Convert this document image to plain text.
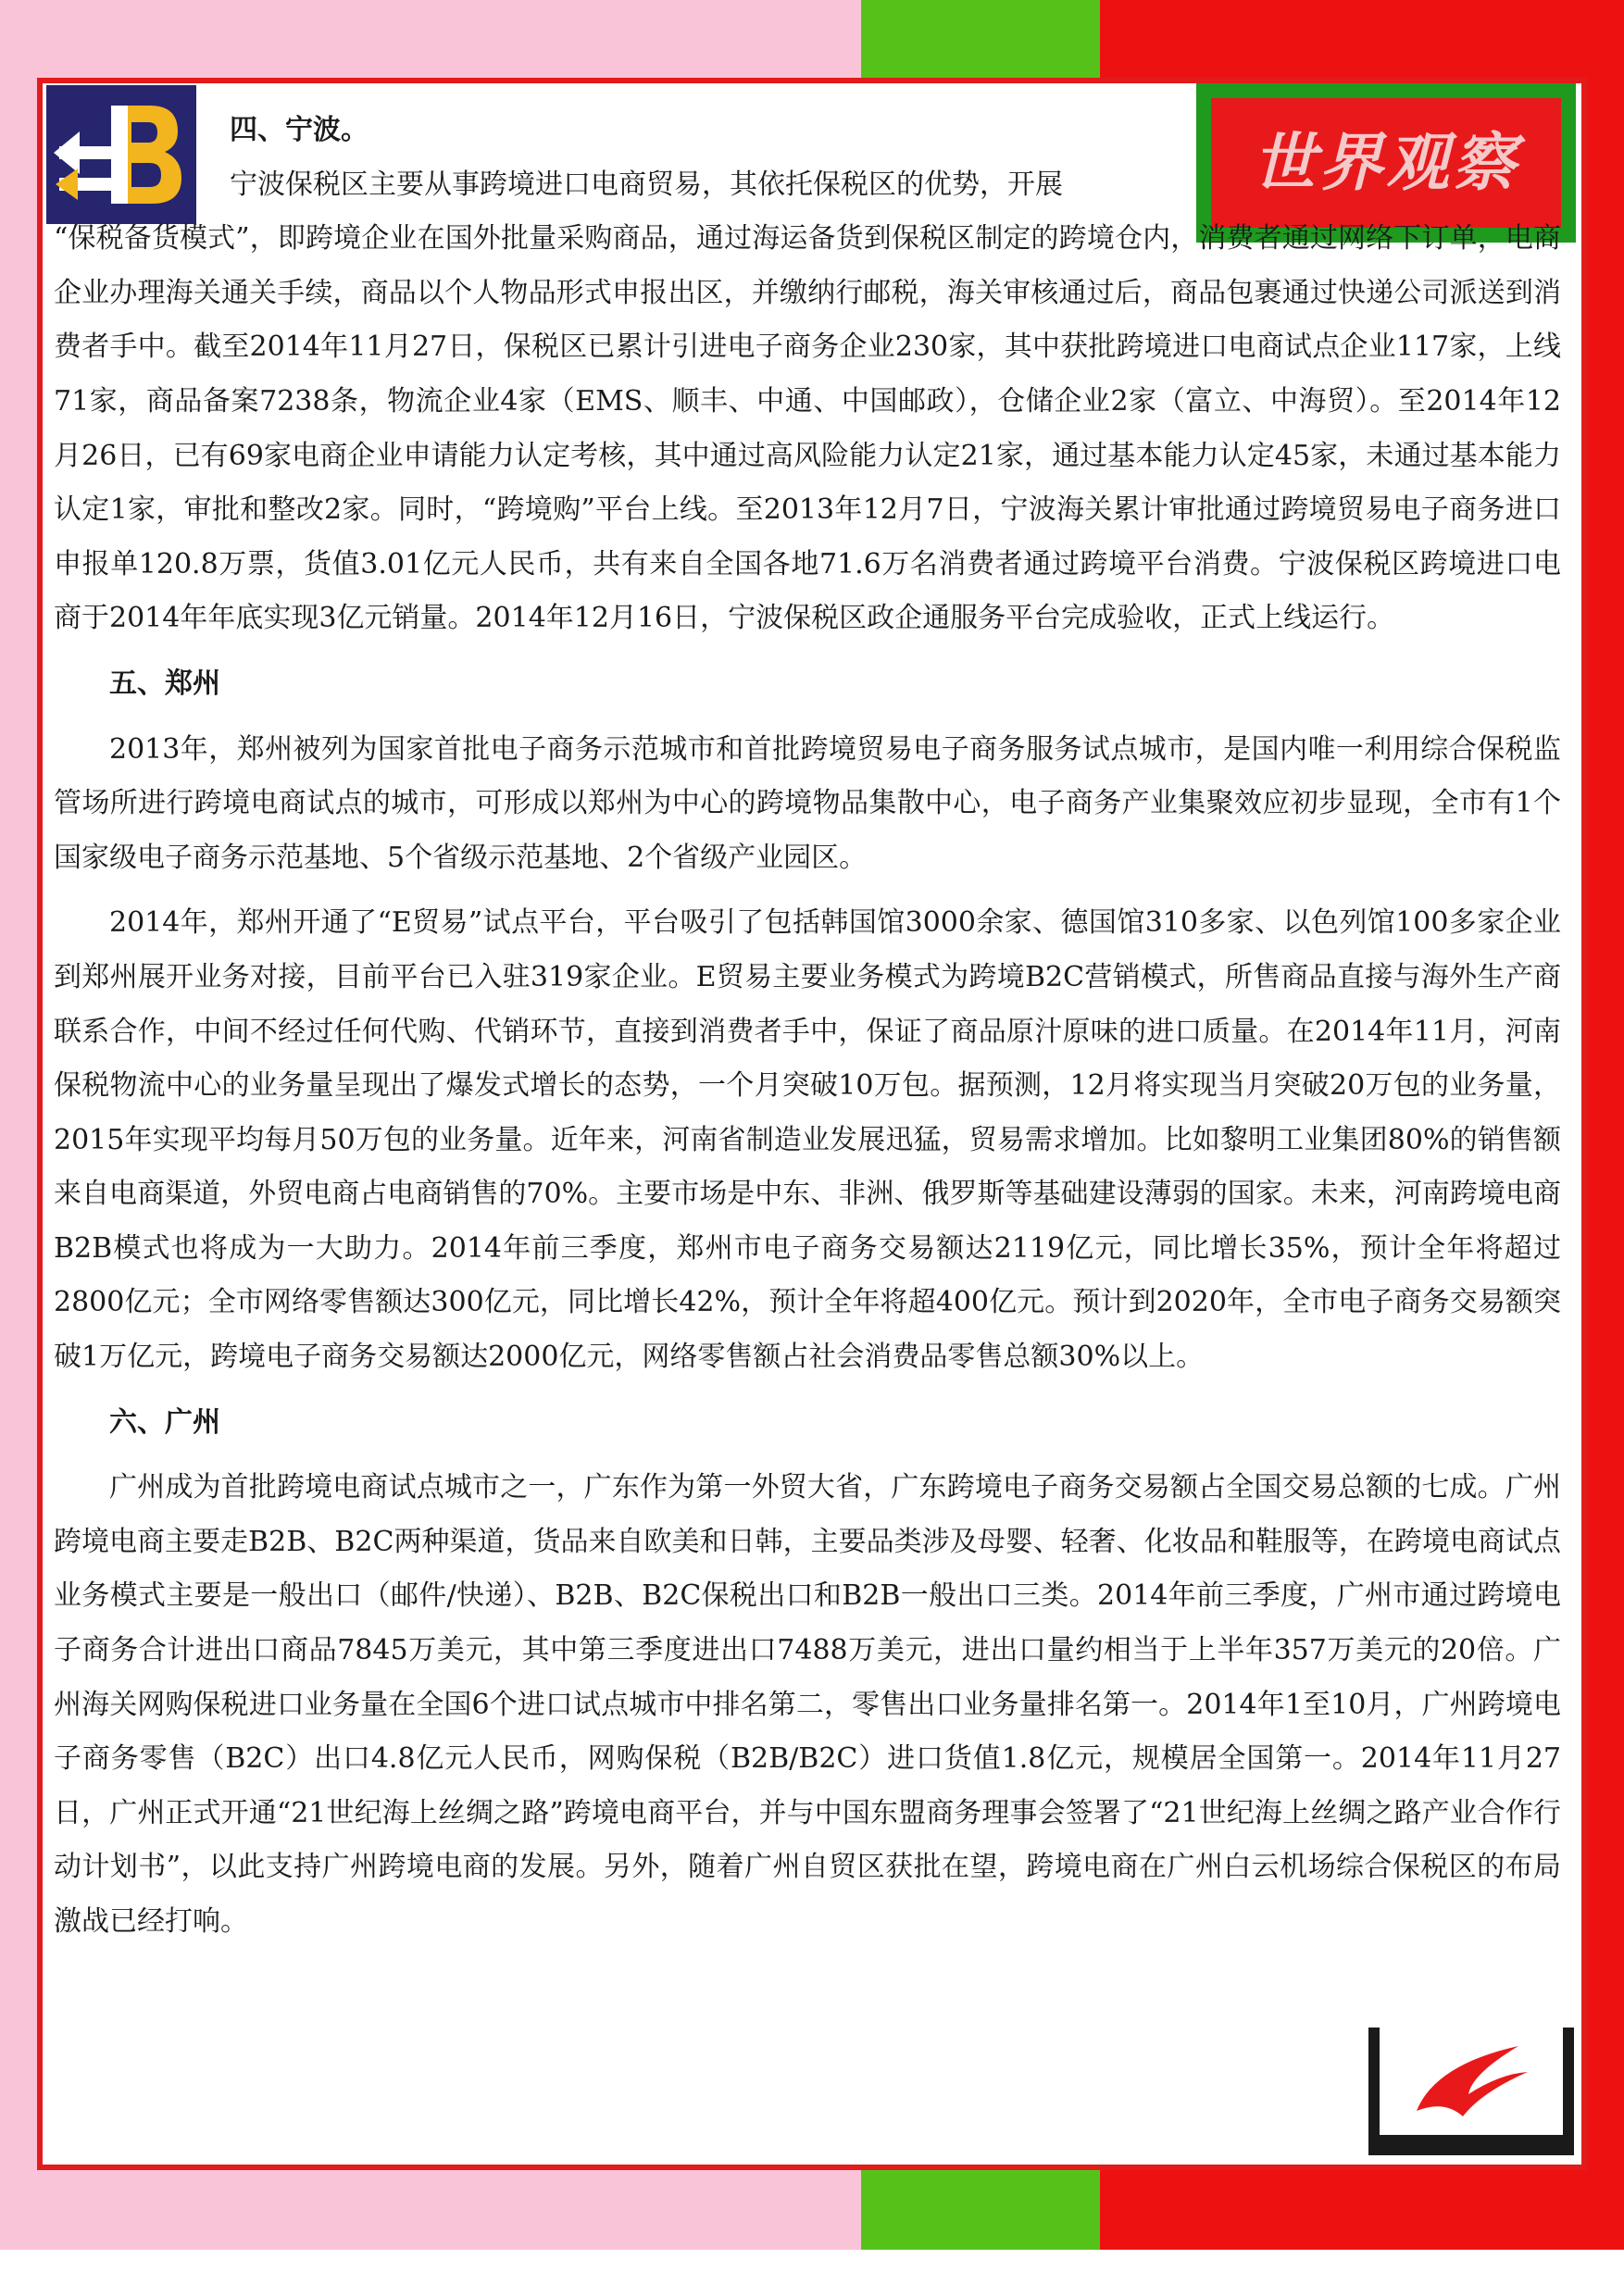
世界观察

四、宁波。

宁波保税区主要从事跨境进口电商贸易，其依托保税区的优势，开展

“保税备货模式”，即跨境企业在国外批量采购商品，通过海运备货到保税区制定的跨境仓内，消费者通过网络下订单，电商企业办理海关通关手续，商品以个人物品形式申报出区，并缴纳行邮税，海关审核通过后，商品包裹通过快递公司派送到消费者手中。截至2014年11月27日，保税区已累计引进电子商务企业230家，其中获批跨境进口电商试点企业117家，上线71家，商品备案7238条，物流企业4家（EMS、顺丰、中通、中国邮政），仓储企业2家（富立、中海贸）。至2014年12月26日，已有69家电商企业申请能力认定考核，其中通过高风险能力认定21家，通过基本能力认定45家，未通过基本能力认定1家，审批和整改2家。同时，“跨境购”平台上线。至2013年12月7日，宁波海关累计审批通过跨境贸易电子商务进口申报单120.8万票，货值3.01亿元人民币，共有来自全国各地71.6万名消费者通过跨境平台消费。宁波保税区跨境进口电商于2014年年底实现3亿元销量。2014年12月16日，宁波保税区政企通服务平台完成验收，正式上线运行。

五、郑州

2013年，郑州被列为国家首批电子商务示范城市和首批跨境贸易电子商务服务试点城市，是国内唯一利用综合保税监管场所进行跨境电商试点的城市，可形成以郑州为中心的跨境物品集散中心，电子商务产业集聚效应初步显现，全市有1个国家级电子商务示范基地、5个省级示范基地、2个省级产业园区。

2014年，郑州开通了“E贸易”试点平台，平台吸引了包括韩国馆3000余家、德国馆310多家、以色列馆100多家企业到郑州展开业务对接，目前平台已入驻319家企业。E贸易主要业务模式为跨境B2C营销模式，所售商品直接与海外生产商联系合作，中间不经过任何代购、代销环节，直接到消费者手中，保证了商品原汁原味的进口质量。在2014年11月，河南保税物流中心的业务量呈现出了爆发式增长的态势，一个月突破10万包。据预测，12月将实现当月突破20万包的业务量，2015年实现平均每月50万包的业务量。近年来，河南省制造业发展迅猛，贸易需求增加。比如黎明工业集团80%的销售额来自电商渠道，外贸电商占电商销售的70%。主要市场是中东、非洲、俄罗斯等基础建设薄弱的国家。未来，河南跨境电商B2B模式也将成为一大助力。2014年前三季度，郑州市电子商务交易额达2119亿元，同比增长35%，预计全年将超过2800亿元；全市网络零售额达300亿元，同比增长42%，预计全年将超400亿元。预计到2020年，全市电子商务交易额突破1万亿元，跨境电子商务交易额达2000亿元，网络零售额占社会消费品零售总额30%以上。

六、广州

广州成为首批跨境电商试点城市之一，广东作为第一外贸大省，广东跨境电子商务交易额占全国交易总额的七成。广州跨境电商主要走B2B、B2C两种渠道，货品来自欧美和日韩，主要品类涉及母婴、轻奢、化妆品和鞋服等，在跨境电商试点业务模式主要是一般出口（邮件/快递）、B2B、B2C保税出口和B2B一般出口三类。2014年前三季度，广州市通过跨境电子商务合计进出口商品7845万美元，其中第三季度进出口7488万美元，进出口量约相当于上半年357万美元的20倍。广州海关网购保税进口业务量在全国6个进口试点城市中排名第二，零售出口业务量排名第一。2014年1至10月，广州跨境电子商务零售（B2C）出口4.8亿元人民币，网购保税（B2B/B2C）进口货值1.8亿元，规模居全国第一。2014年11月27日，广州正式开通“21世纪海上丝绸之路”跨境电商平台，并与中国东盟商务理事会签署了“21世纪海上丝绸之路产业合作行动计划书”，以此支持广州跨境电商的发展。另外，随着广州自贸区获批在望，跨境电商在广州白云机场综合保税区的布局激战已经打响。
